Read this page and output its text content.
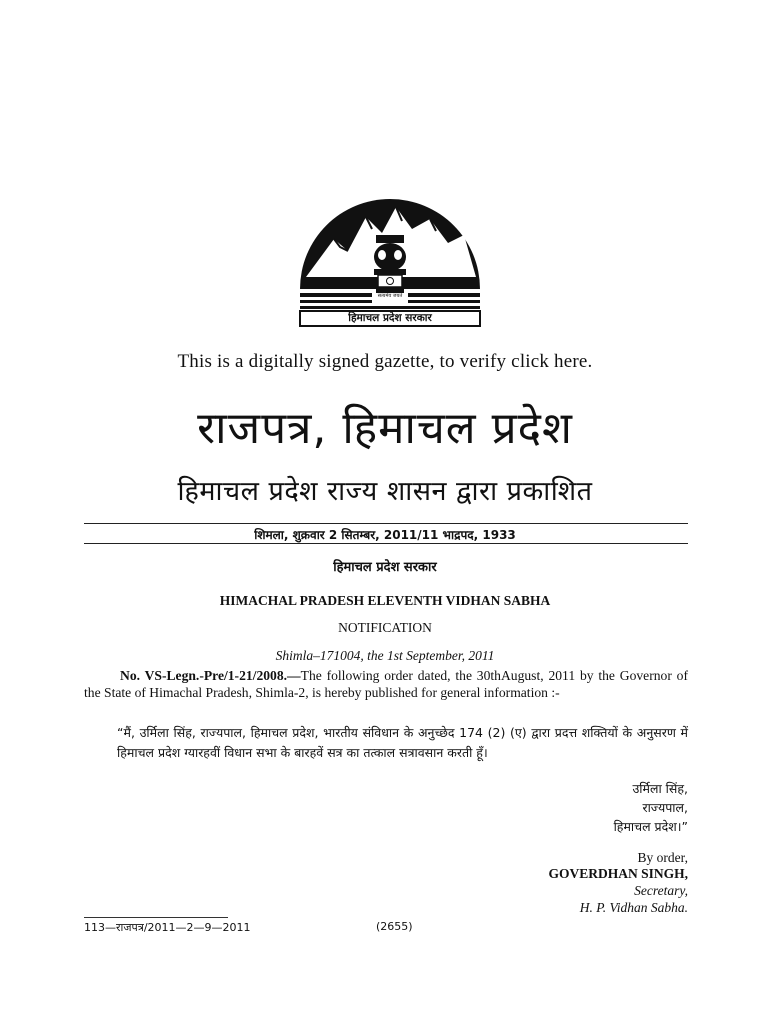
सत्यमेव जयते
हिमाचल प्रदेश सरकार
This is a digitally signed gazette, to verify click here.
राजपत्र, हिमाचल प्रदेश
हिमाचल प्रदेश राज्य शासन द्वारा प्रकाशित
शिमला, शुक्रवार 2 सितम्बर, 2011/11 भाद्रपद, 1933
हिमाचल प्रदेश सरकार
HIMACHAL PRADESH ELEVENTH VIDHAN SABHA
NOTIFICATION
Shimla–171004, the 1st September, 2011
No. VS-Legn.-Pre/1-21/2008.—The following order dated, the 30thAugust, 2011 by the Governor of the State of Himachal Pradesh, Shimla-2, is hereby published for general information :-
“मैं, उर्मिला सिंह, राज्यपाल, हिमाचल प्रदेश, भारतीय संविधान के अनुच्छेद 174 (2) (ए) द्वारा प्रदत्त शक्तियों के अनुसरण में हिमाचल प्रदेश ग्यारहवीं विधान सभा के बारहवें सत्र का तत्काल सत्रावसान करती हूँ।
उर्मिला सिंह,
राज्यपाल,
हिमाचल प्रदेश।”
By order,
GOVERDHAN SINGH,
Secretary,
H. P. Vidhan Sabha.
113—राजपत्र/2011—2—9—2011	(2655)
